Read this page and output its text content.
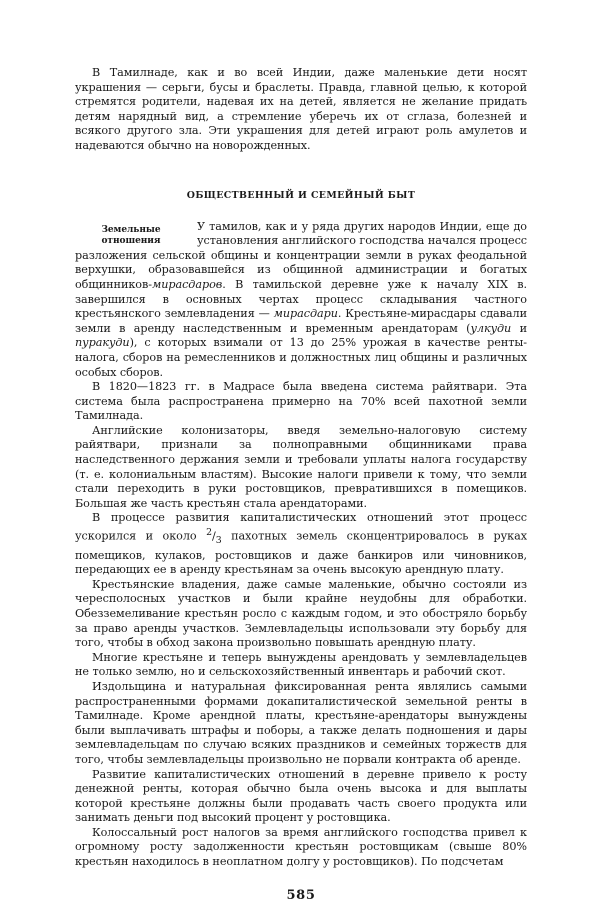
В Тамилнаде, как и во всей Индии, даже маленькие дети носят украшения — серьги, бусы и браслеты. Правда, главной целью, к которой стремятся родители, надевая их на детей, является не желание придать детям нарядный вид, а стремление уберечь их от сглаза, болезней и всякого другого зла. Эти украшения для детей играют роль амулетов и надеваются обычно на новорожденных.

ОБЩЕСТВЕННЫЙ И СЕМЕЙНЫЙ БЫТ

Земельные отношения
У тамилов, как и у ряда других народов Индии, еще до установления английского господства начался процесс разложения сельской общины и концентрации земли в руках феодальной верхушки, образовавшейся из общинной администрации и богатых общинников-мирасдаров. В тамильской деревне уже к началу XIX в. завершился в основных чертах процесс складывания частного крестьянского землевладения — мирасдари. Крестьяне-мирасдары сдавали земли в аренду наследственным и временным арендаторам (улкуди и пуракуди), с которых взимали от 13 до 25% урожая в качестве ренты-налога, сборов на ремесленников и должностных лиц общины и различных особых сборов.

В 1820—1823 гг. в Мадрасе была введена система райятвари. Эта система была распространена примерно на 70% всей пахотной земли Тамилнада.

Английские колонизаторы, введя земельно-налоговую систему райятвари, признали за полноправными общинниками права наследственного держания земли и требовали уплаты налога государству (т. е. колониальным властям). Высокие налоги привели к тому, что земли стали переходить в руки ростовщиков, превратившихся в помещиков. Большая же часть крестьян стала арендаторами.

В процессе развития капиталистических отношений этот процесс ускорился и около $^2/_3$ пахотных земель сконцентрировалось в руках помещиков, кулаков, ростовщиков и даже банкиров или чиновников, передающих ее в аренду крестьянам за очень высокую арендную плату.

Крестьянские владения, даже самые маленькие, обычно состояли из чересполосных участков и были крайне неудобны для обработки. Обезземеливание крестьян росло с каждым годом, и это обостряло борьбу за право аренды участков. Землевладельцы использовали эту борьбу для того, чтобы в обход закона произвольно повышать арендную плату.

Многие крестьяне и теперь вынуждены арендовать у землевладельцев не только землю, но и сельскохозяйственный инвентарь и рабочий скот.

Издольщина и натуральная фиксированная рента являлись самыми распространенными формами докапиталистической земельной ренты в Тамилнаде. Кроме арендной платы, крестьяне-арендаторы вынуждены были выплачивать штрафы и поборы, а также делать подношения и дары землевладельцам по случаю всяких праздников и семейных торжеств для того, чтобы землевладельцы произвольно не порвали контракта об аренде.

Развитие капиталистических отношений в деревне привело к росту денежной ренты, которая обычно была очень высока и для выплаты которой крестьяне должны были продавать часть своего продукта или занимать деньги под высокий процент у ростовщика.

Колоссальный рост налогов за время английского господства привел к огромному росту задолженности крестьян ростовщикам (свыше 80% крестьян находилось в неоплатном долгу у ростовщиков). По подсчетам

585
